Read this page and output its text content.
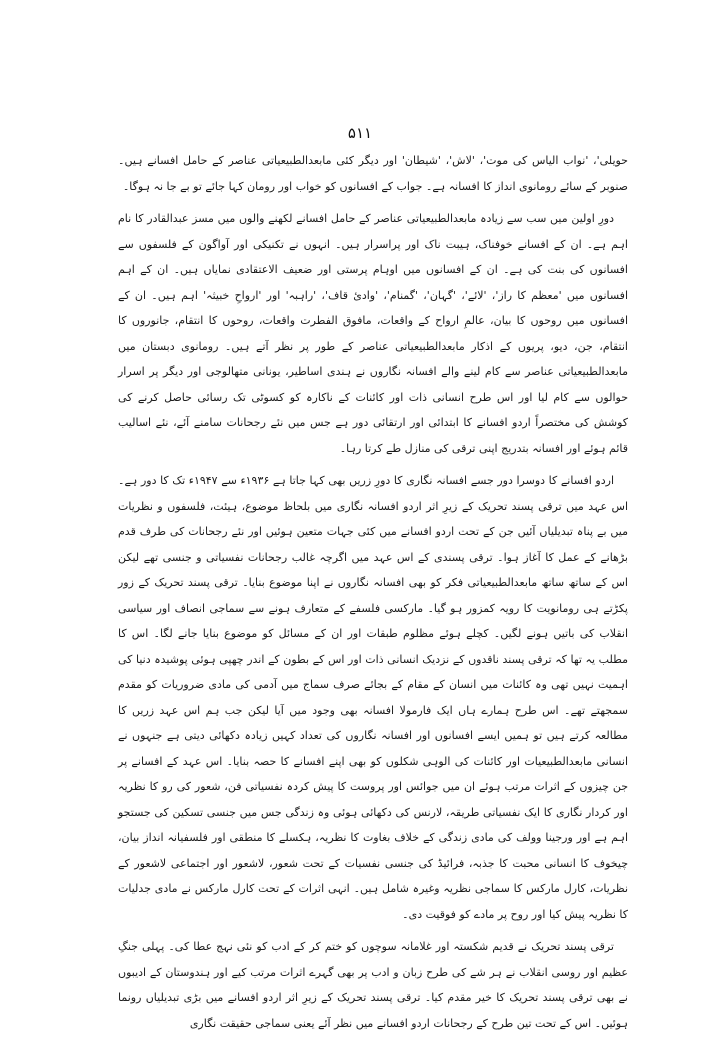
۵۱۱

حویلی'، 'نواب الیاس کی موت'، 'لاش'، 'شیطان' اور دیگر کئی مابعدالطبیعیاتی عناصر کے حامل افسانے ہیں۔ صنوبر کے سائے رومانوی انداز کا افسانہ ہے۔ جواب کے افسانوں کو خواب اور رومان کہا جائے تو بے جا نہ ہوگا۔

دورِ اولین میں سب سے زیادہ مابعدالطبیعیاتی عناصر کے حامل افسانے لکھنے والوں میں مسز عبدالقادر کا نام اہم ہے۔ ان کے افسانے خوفناک، ہیبت ناک اور پراسرار ہیں۔ انہوں نے تکنیکی اور آواگون کے فلسفوں سے افسانوں کی بنت کی ہے۔ ان کے افسانوں میں اوہام پرستی اور ضعیف الاعتقادی نمایاں ہیں۔ ان کے اہم افسانوں میں 'معظم کا راز'، 'لائے'، 'گہان'، 'گمنام'، 'وادیٔ قاف'، 'راہبہ' اور 'ارواحِ خبیثہ' اہم ہیں۔ ان کے افسانوں میں روحوں کا بیان، عالمِ ارواح کے واقعات، مافوق الفطرت واقعات، روحوں کا انتقام، جانوروں کا انتقام، جن، دیو، پریوں کے اذکار مابعدالطبیعیاتی عناصر کے طور پر نظر آتے ہیں۔ رومانوی دبستان میں مابعدالطبیعیاتی عناصر سے کام لینے والے افسانہ نگاروں نے ہندی اساطیر، یونانی متھالوجی اور دیگر پر اسرار حوالوں سے کام لیا اور اس طرح انسانی ذات اور کائنات کے ناکارہ کو کسوٹی تک رسائی حاصل کرنے کی کوشش کی مختصراً اردو افسانے کا ابتدائی اور ارتقائی دور ہے جس میں نئے رجحانات سامنے آئے، نئے اسالیب قائم ہوئے اور افسانہ بتدریج اپنی ترقی کی منازل طے کرتا رہا۔

اردو افسانے کا دوسرا دور جسے افسانہ نگاری کا دورِ زریں بھی کہا جاتا ہے ۱۹۳۶ء سے ۱۹۴۷ء تک کا دور ہے۔ اس عہد میں ترقی پسند تحریک کے زیرِ اثر اردو افسانہ نگاری میں بلحاظ موضوع، ہیئت، فلسفوں و نظریات میں بے پناہ تبدیلیاں آئیں جن کے تحت اردو افسانے میں کئی جہات متعین ہوئیں اور نئے رجحانات کی طرف قدم بڑھانے کے عمل کا آغاز ہوا۔ ترقی پسندی کے اس عہد میں اگرچہ غالب رجحانات نفسیاتی و جنسی تھے لیکن اس کے ساتھ ساتھ مابعدالطبیعیاتی فکر کو بھی افسانہ نگاروں نے اپنا موضوع بنایا۔ ترقی پسند تحریک کے زور پکڑتے ہی رومانویت کا رویہ کمزور ہو گیا۔ مارکسی فلسفے کے متعارف ہونے سے سماجی انصاف اور سیاسی انقلاب کی باتیں ہونے لگیں۔ کچلے ہوئے مظلوم طبقات اور ان کے مسائل کو موضوع بنایا جانے لگا۔ اس کا مطلب یہ تھا کہ ترقی پسند ناقدوں کے نزدیک انسانی ذات اور اس کے بطون کے اندر چھپی ہوئی پوشیدہ دنیا کی اہمیت نہیں تھی وہ کائنات میں انسان کے مقام کے بجائے صرف سماج میں آدمی کی مادی ضروریات کو مقدم سمجھتے تھے۔ اس طرح ہمارے ہاں ایک فارمولا افسانہ بھی وجود میں آیا لیکن جب ہم اس عہد زریں کا مطالعہ کرتے ہیں تو ہمیں ایسے افسانوں اور افسانہ نگاروں کی تعداد کہیں زیادہ دکھائی دیتی ہے جنہوں نے انسانی مابعدالطبیعیات اور کائنات کی الوہی شکلوں کو بھی اپنے افسانے کا حصہ بنایا۔ اس عہد کے افسانے پر جن چیزوں کے اثرات مرتب ہوئے ان میں جوائس اور پروست کا پیش کردہ نفسیاتی فن، شعور کی رو کا نظریہ اور کردار نگاری کا ایک نفسیاتی طریقہ، لارنس کی دکھائی ہوئی وہ زندگی جس میں جنسی تسکین کی جستجو اہم ہے اور ورجینا وولف کی مادی زندگی کے خلاف بغاوت کا نظریہ، ہکسلے کا منطقی اور فلسفیانہ انداز بیان، چیخوف کا انسانی محبت کا جذبہ، فرائیڈ کی جنسی نفسیات کے تحت شعور، لاشعور اور اجتماعی لاشعور کے نظریات، کارل مارکس کا سماجی نظریہ وغیرہ شامل ہیں۔ انہی اثرات کے تحت کارل مارکس نے مادی جدلیات کا نظریہ پیش کیا اور روح پر مادے کو فوقیت دی۔

ترقی پسند تحریک نے قدیم شکستہ اور غلامانہ سوچوں کو ختم کر کے ادب کو نئی نہج عطا کی۔ پہلی جنگِ عظیم اور روسی انقلاب نے ہر شے کی طرح زبان و ادب پر بھی گہرے اثرات مرتب کیے اور ہندوستان کے ادیبوں نے بھی ترقی پسند تحریک کا خیر مقدم کیا۔ ترقی پسند تحریک کے زیرِ اثر اردو افسانے میں بڑی تبدیلیاں رونما ہوئیں۔ اس کے تحت تین طرح کے رجحانات اردو افسانے میں نظر آئے یعنی سماجی حقیقت نگاری
